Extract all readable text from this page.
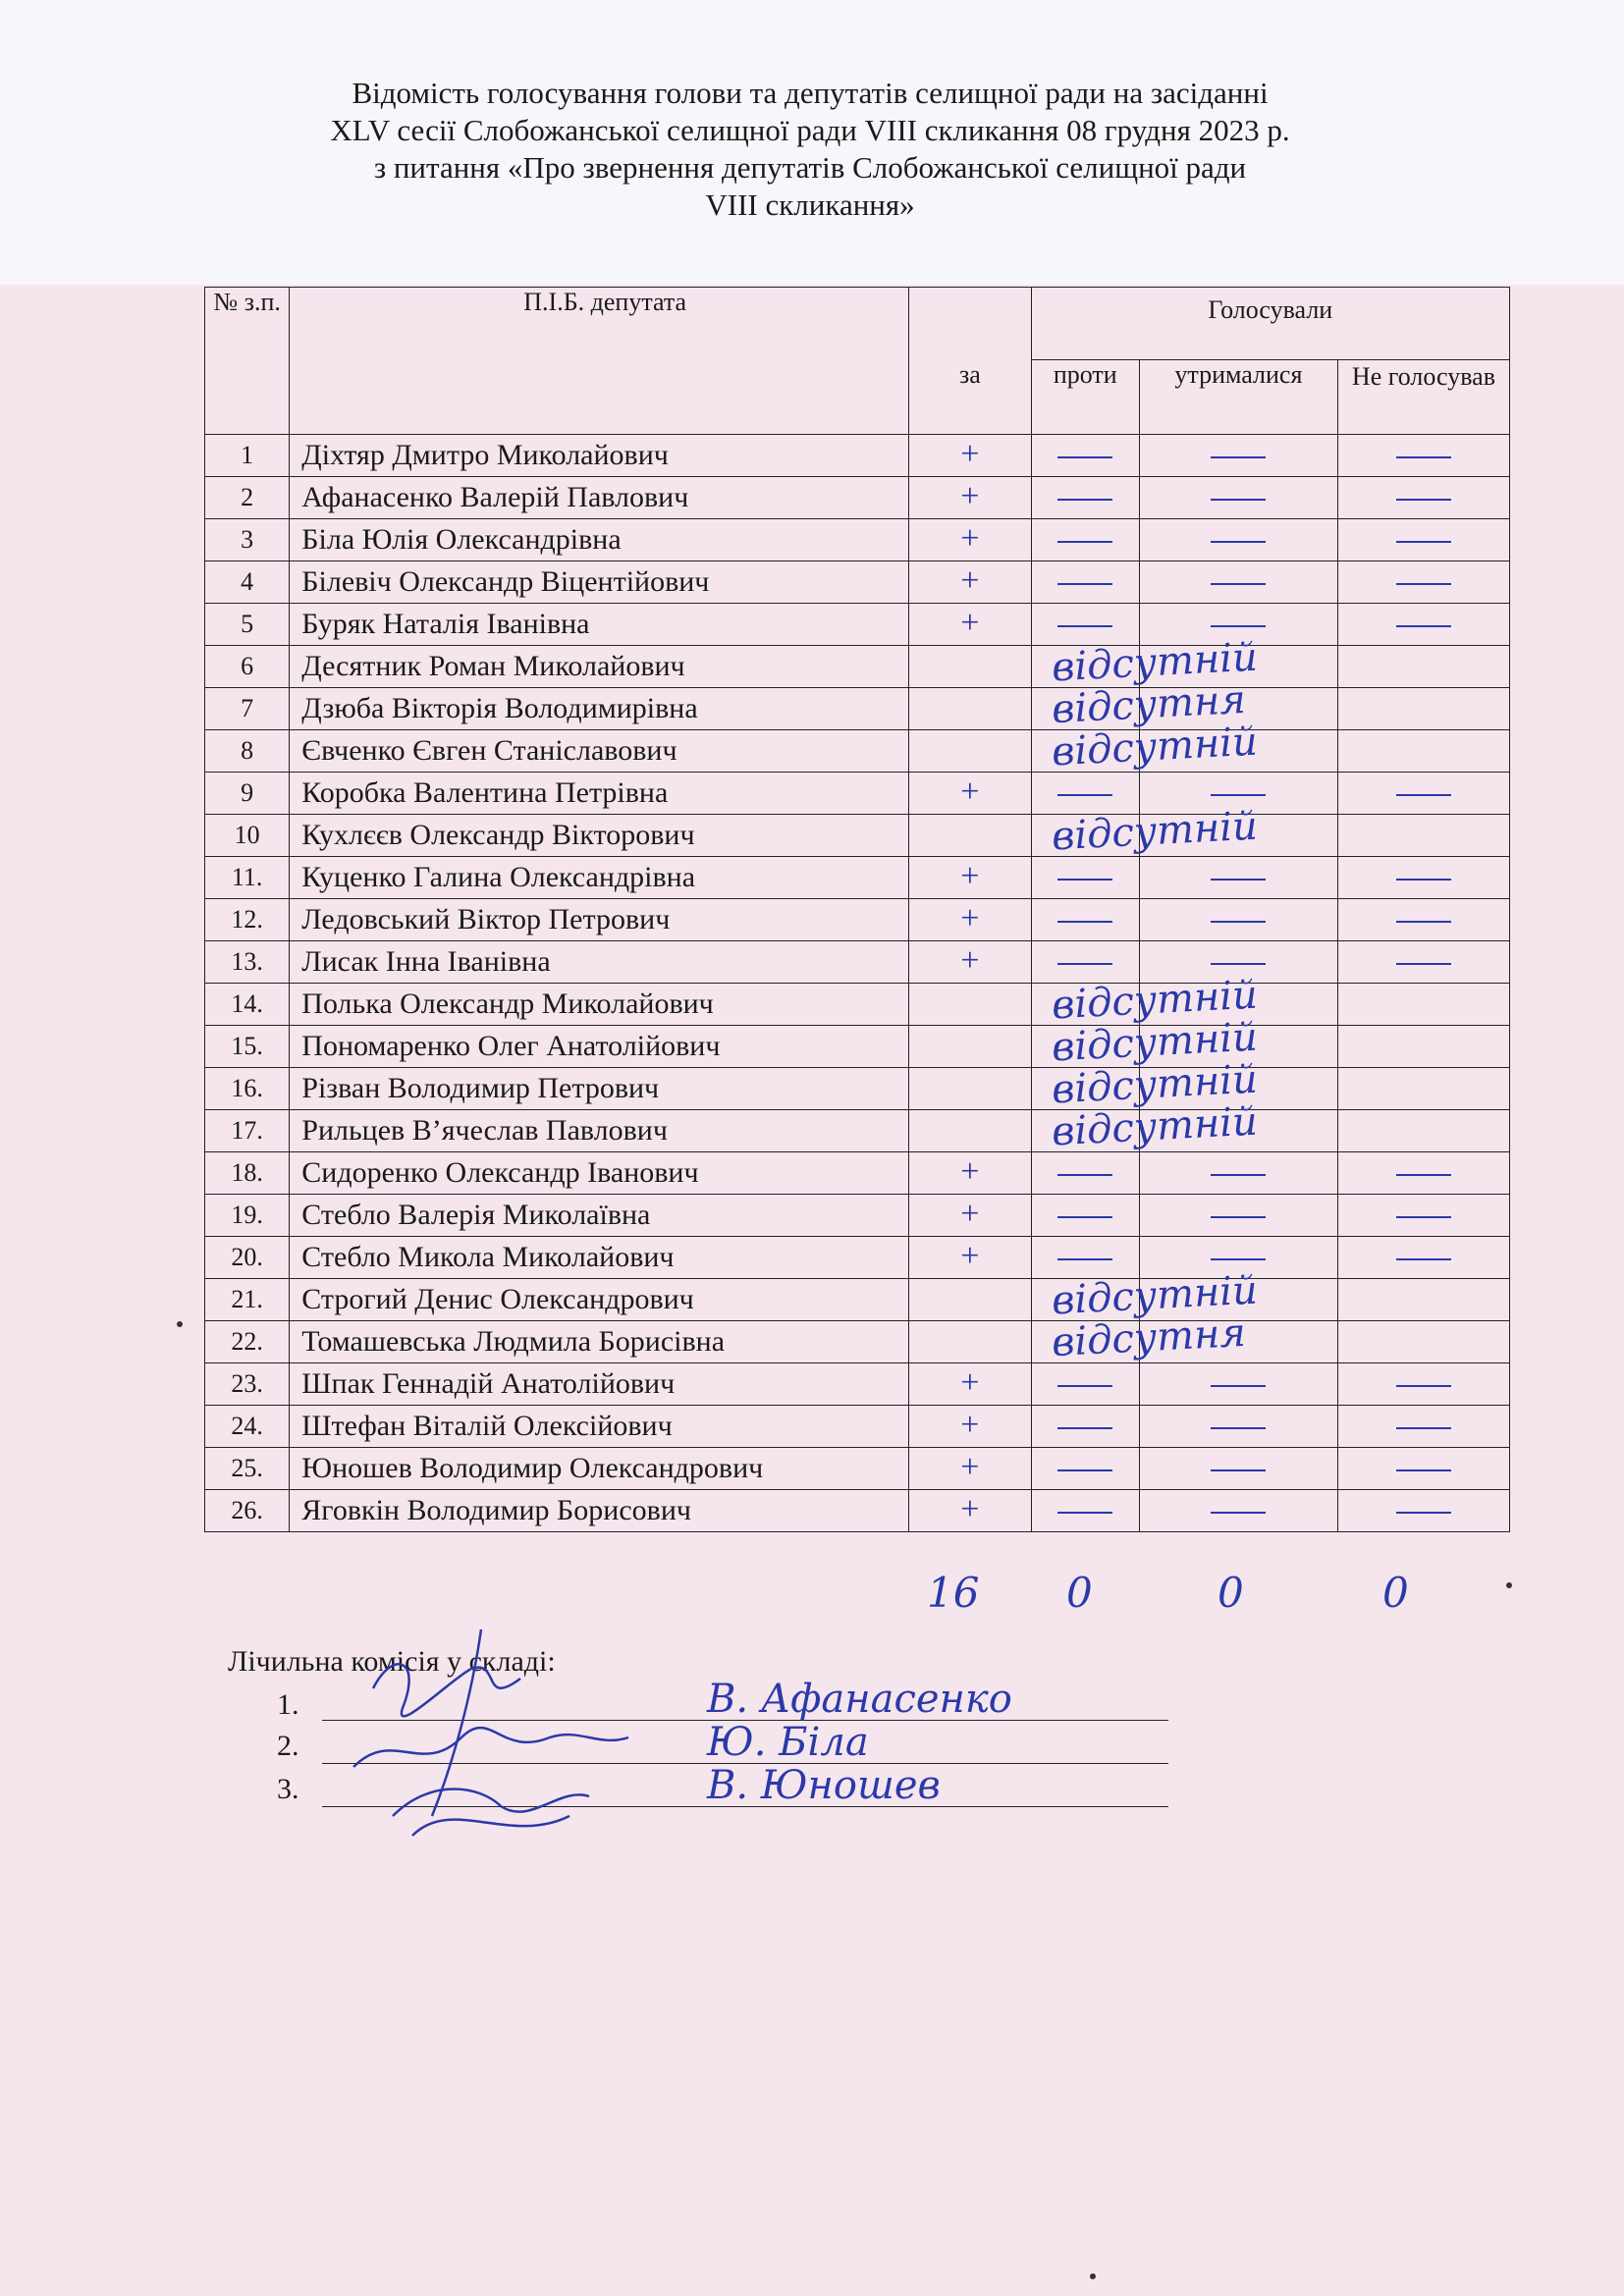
Відомість голосування голови та депутатів селищної ради на засіданні
XLV сесії Слобожанської селищної ради VIII скликання 08 грудня 2023 р.
з питання «Про звернення депутатів Слобожанської селищної ради
VIII скликання»
№ з.п.	П.І.Б. депутата		Голосували		
		за	проти	утрималися	Не голосував
1	Діхтяр Дмитро Миколайович	+			
2	Афанасенко Валерій Павлович	+			
3	Біла Юлія Олександрівна	+			
4	Білевіч Олександр Віцентійович	+			
5	Буряк Наталія Іванівна	+			
6	Десятник Роман Миколайович		відсутній		

7	Дзюба Вікторія Володимирівна		відсутня		

8	Євченко Євген Станіславович		відсутній		

9	Коробка Валентина Петрівна	+			
10	Кухлєєв Олександр Вікторович		відсутній		

11.	Куценко Галина Олександрівна	+			
12.	Ледовський Віктор Петрович	+			
13.	Лисак Інна Іванівна	+			
14.	Полька Олександр Миколайович		відсутній		

15.	Пономаренко Олег Анатолійович		відсутній		

16.	Різван Володимир Петрович		відсутній		

17.	Рильцев В’ячеслав Павлович		відсутній		

18.	Сидоренко Олександр Іванович	+			
19.	Стебло Валерія Миколаївна	+			
20.	Стебло Микола Миколайович	+			
21.	Строгий Денис Олександрович		відсутній		

22.	Томашевська Людмила Борисівна		відсутня		

23.	Шпак Геннадій Анатолійович	+			
24.	Штефан Віталій Олексійович	+			
25.	Юношев Володимир Олександрович	+			
26.	Яговкін Володимир Борисович	+			
16 0	0	0
Лічильна комісія у складі:
1.	В. Афанасенко
2.	Ю. Біла
3.	В. Юношев
